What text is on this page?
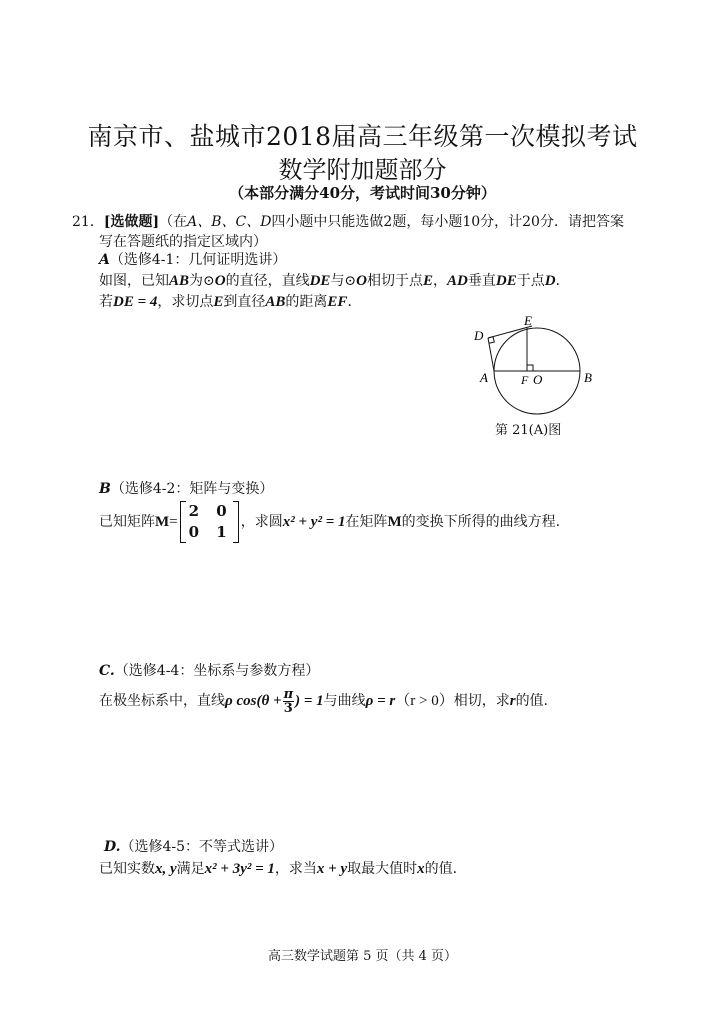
南京市、盐城市2018届高三年级第一次模拟考试
数学附加题部分
（本部分满分40分，考试时间30分钟）
21．[选做题]（在A、B、C、D四小题中只能选做2题，每小题10分，计20分．请把答案
写在答题纸的指定区域内）
A（选修4-1：几何证明选讲）
如图，已知AB为⊙O的直径，直线DE与⊙O相切于点E，AD垂直DE于点D．
若DE = 4，求切点E到直径AB的距离EF．
D
E
A	F O	B
第 21(A)图
B（选修4-2：矩阵与变换）
已知矩阵M=
2 0
0 1
，求圆x² + y² = 1在矩阵M的变换下所得的曲线方程.
C.（选修4-4：坐标系与参数方程）
在极坐标系中，直线ρ $\cos(\theta + \frac{\pi}{3}$ ) = 1与曲线ρ = r（r > 0）相切，求r的值.
D.（选修4-5：不等式选讲）
已知实数x, y满足x² + 3y² = 1，求当x + y取最大值时x的值.
高三数学试题第 5 页（共 4 页）
